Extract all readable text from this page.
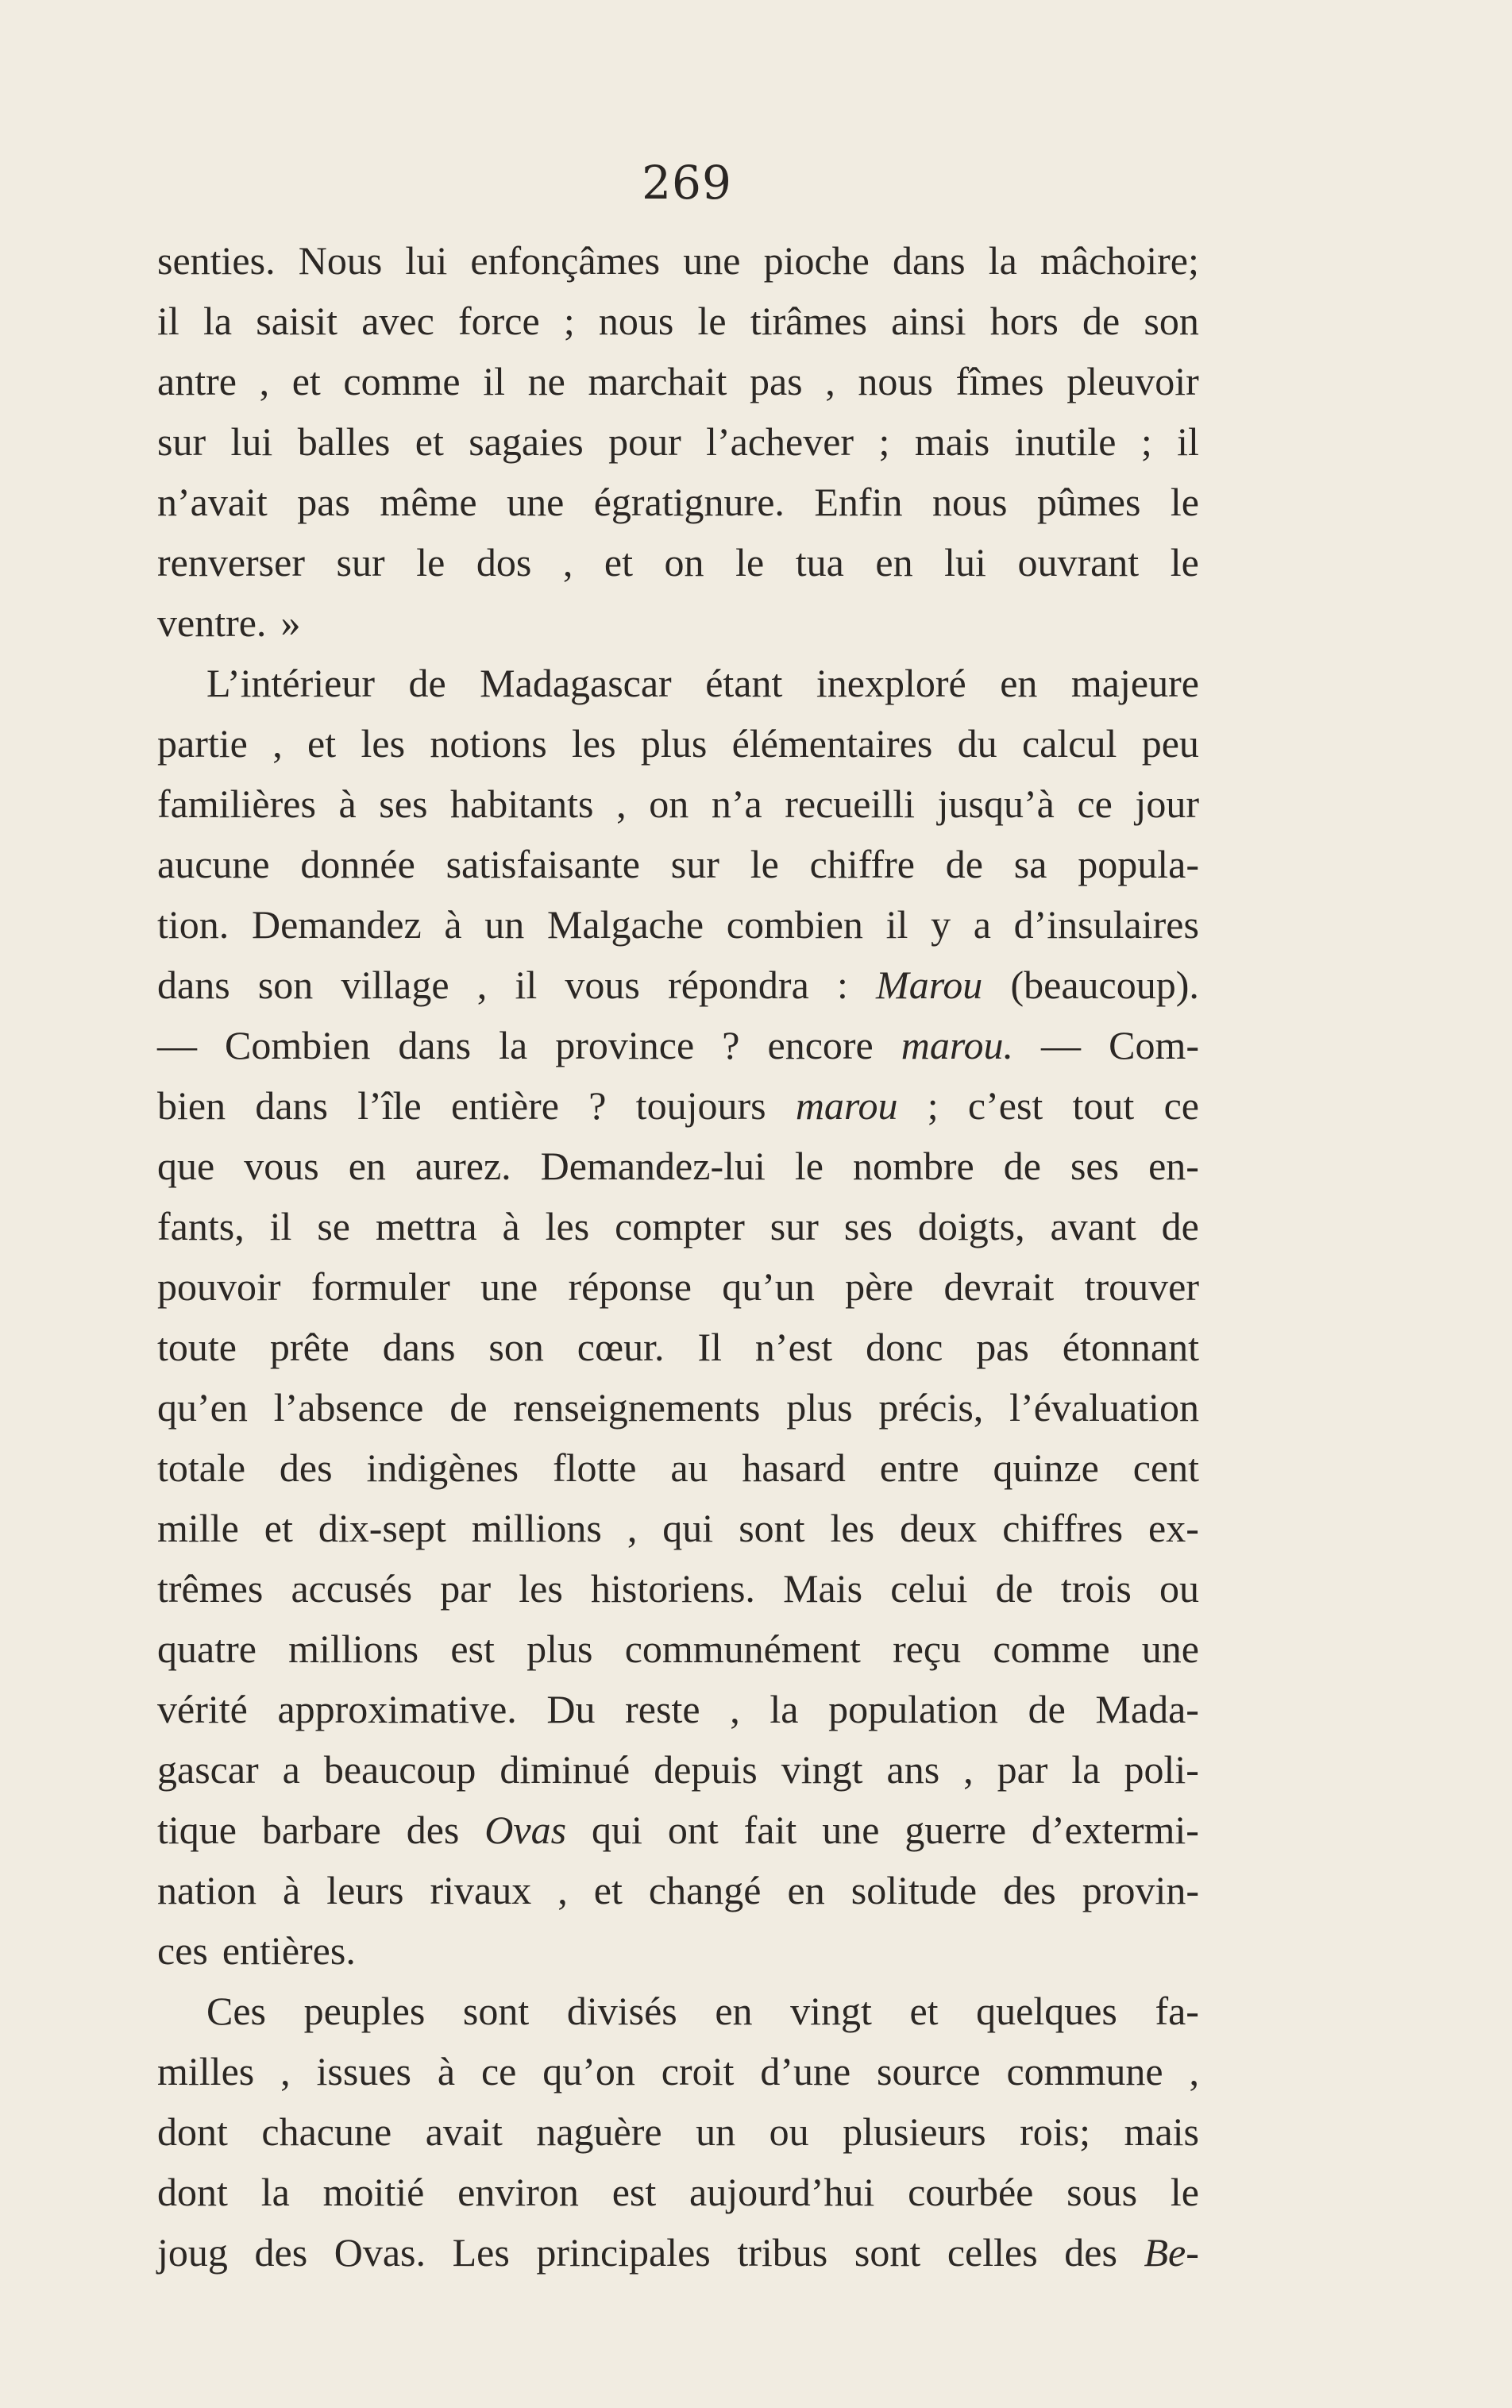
269
senties. Nous lui enfonçâmes une pioche dans la mâchoire;
il la saisit avec force ; nous le tirâmes ainsi hors de son
antre , et comme il ne marchait pas , nous fîmes pleuvoir
sur lui balles et sagaies pour l’achever ; mais inutile ; il
n’avait pas même une égratignure. Enfin nous pûmes le
renverser sur le dos , et on le tua en lui ouvrant le
ventre. »
L’intérieur de Madagascar étant inexploré en majeure
partie , et les notions les plus élémentaires du calcul peu
familières à ses habitants , on n’a recueilli jusqu’à ce jour
aucune donnée satisfaisante sur le chiffre de sa popula-
tion. Demandez à un Malgache combien il y a d’insulaires
dans son village , il vous répondra : Marou (beaucoup).
— Combien dans la province ? encore marou. — Com-
bien dans l’île entière ? toujours marou ; c’est tout ce
que vous en aurez. Demandez-lui le nombre de ses en-
fants, il se mettra à les compter sur ses doigts, avant de
pouvoir formuler une réponse qu’un père devrait trouver
toute prête dans son cœur. Il n’est donc pas étonnant
qu’en l’absence de renseignements plus précis, l’évaluation
totale des indigènes flotte au hasard entre quinze cent
mille et dix-sept millions , qui sont les deux chiffres ex-
trêmes accusés par les historiens. Mais celui de trois ou
quatre millions est plus communément reçu comme une
vérité approximative. Du reste , la population de Mada-
gascar a beaucoup diminué depuis vingt ans , par la poli-
tique barbare des Ovas qui ont fait une guerre d’extermi-
nation à leurs rivaux , et changé en solitude des provin-
ces entières.
Ces peuples sont divisés en vingt et quelques fa-
milles , issues à ce qu’on croit d’une source commune ,
dont chacune avait naguère un ou plusieurs rois; mais
dont la moitié environ est aujourd’hui courbée sous le
joug des Ovas. Les principales tribus sont celles des Be-
